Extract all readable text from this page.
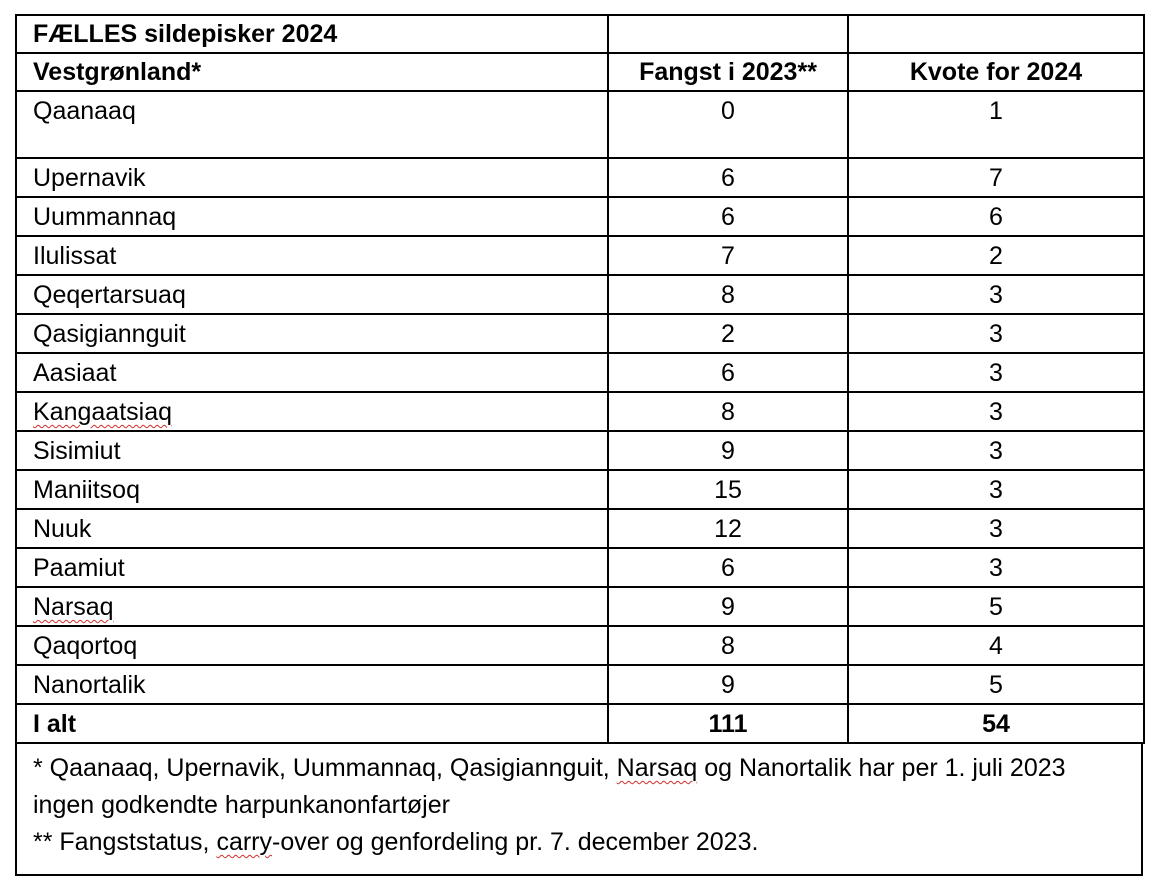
FÆLLES sildepisker 2024		
Vestgrønland*	Fangst i 2023**	Kvote for 2024
Qaanaaq	0	1
Upernavik	6	7
Uummannaq	6	6
Ilulissat	7	2
Qeqertarsuaq	8	3
Qasigiannguit	2	3
Aasiaat	6	3
Kangaatsiaq	8	3
Sisimiut	9	3
Maniitsoq	15	3
Nuuk	12	3
Paamiut	6	3
Narsaq	9	5
Qaqortoq	8	4
Nanortalik	9	5
I alt	111	54

* Qaanaaq, Upernavik, Uummannaq, Qasigiannguit, Narsaq og Nanortalik har per 1. juli 2023 ingen godkendte harpunkanonfartøjer

** Fangststatus, carry-over og genfordeling pr. 7. december 2023.
